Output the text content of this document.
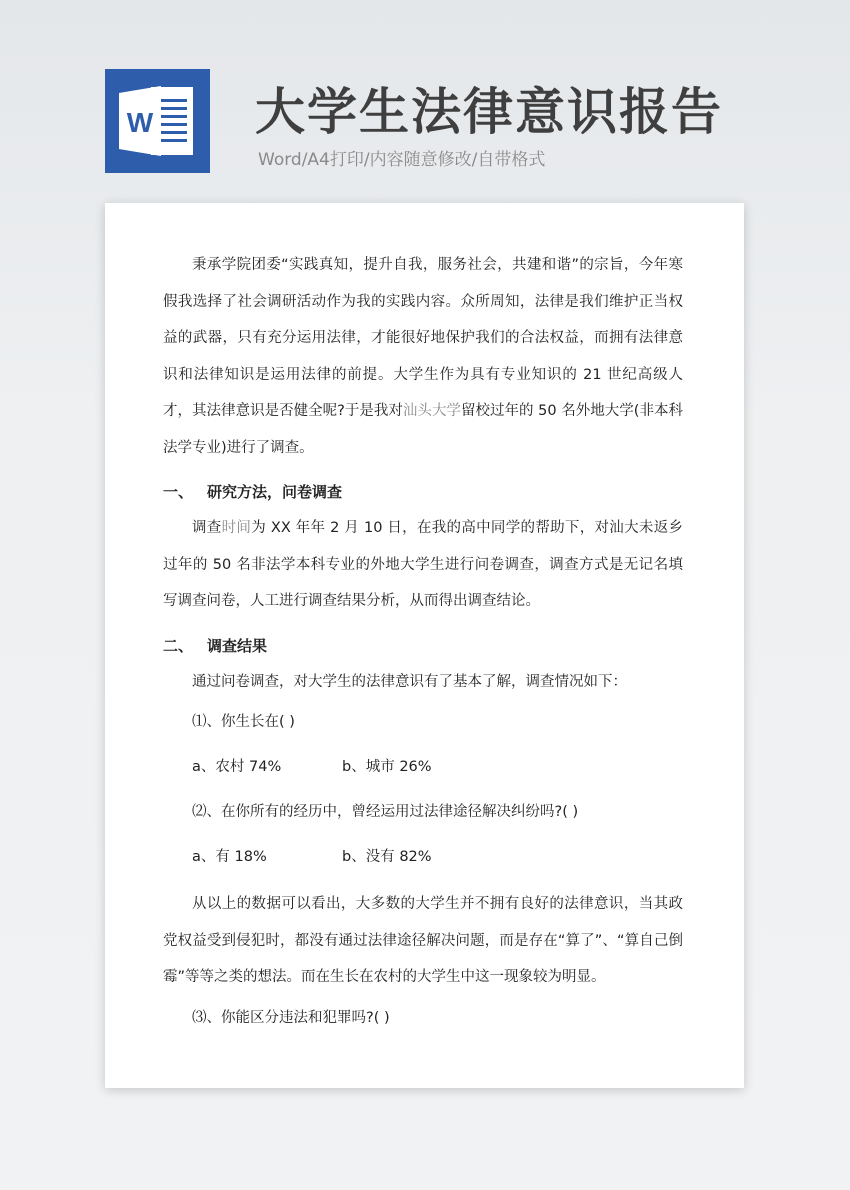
W 大学生法律意识报告
Word/A4打印/内容随意修改/自带格式

秉承学院团委“实践真知，提升自我，服务社会，共建和谐”的宗旨，今年寒假我选择了社会调研活动作为我的实践内容。众所周知，法律是我们维护正当权益的武器，只有充分运用法律，才能很好地保护我们的合法权益，而拥有法律意识和法律知识是运用法律的前提。大学生作为具有专业知识的 21 世纪高级人才，其法律意识是否健全呢?于是我对汕头大学留校过年的 50 名外地大学(非本科法学专业)进行了调查。

一、 研究方法，问卷调查

调查时间为 XX 年年 2 月 10 日，在我的高中同学的帮助下，对汕大未返乡过年的 50 名非法学本科专业的外地大学生进行问卷调查，调查方式是无记名填写调查问卷，人工进行调查结果分析，从而得出调查结论。

二、 调查结果

通过问卷调查，对大学生的法律意识有了基本了解，调查情况如下：

⑴、你生长在( )

a、农村 74%	b、城市 26%

⑵、在你所有的经历中，曾经运用过法律途径解决纠纷吗?( )

a、有 18%	b、没有 82%

从以上的数据可以看出，大多数的大学生并不拥有良好的法律意识，当其政党权益受到侵犯时，都没有通过法律途径解决问题，而是存在“算了”、“算自己倒霉”等等之类的想法。而在生长在农村的大学生中这一现象较为明显。

⑶、你能区分违法和犯罪吗?( )
